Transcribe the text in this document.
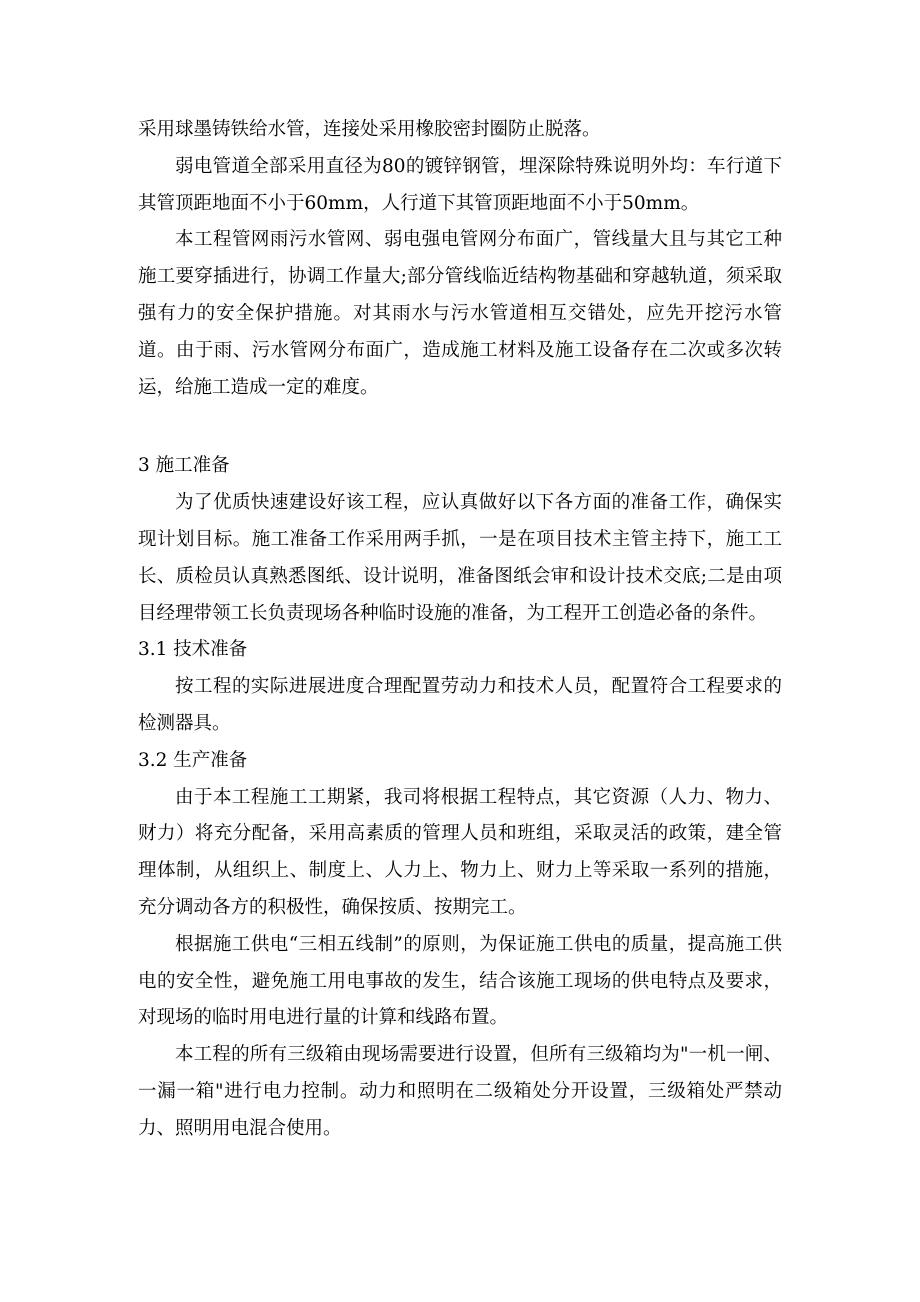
采用球墨铸铁给水管，连接处采用橡胶密封圈防止脱落。

弱电管道全部采用直径为80的镀锌钢管，埋深除特殊说明外均：车行道下其管顶距地面不小于60mm，人行道下其管顶距地面不小于50mm。

本工程管网雨污水管网、弱电强电管网分布面广，管线量大且与其它工种施工要穿插进行，协调工作量大;部分管线临近结构物基础和穿越轨道，须采取强有力的安全保护措施。对其雨水与污水管道相互交错处，应先开挖污水管道。由于雨、污水管网分布面广，造成施工材料及施工设备存在二次或多次转运，给施工造成一定的难度。

3 施工准备

为了优质快速建设好该工程，应认真做好以下各方面的准备工作，确保实现计划目标。施工准备工作采用两手抓，一是在项目技术主管主持下，施工工长、质检员认真熟悉图纸、设计说明，准备图纸会审和设计技术交底;二是由项目经理带领工长负责现场各种临时设施的准备，为工程开工创造必备的条件。

3.1 技术准备

按工程的实际进展进度合理配置劳动力和技术人员，配置符合工程要求的检测器具。

3.2 生产准备

由于本工程施工工期紧，我司将根据工程特点，其它资源（人力、物力、财力）将充分配备，采用高素质的管理人员和班组，采取灵活的政策，建全管理体制，从组织上、制度上、人力上、物力上、财力上等采取一系列的措施，充分调动各方的积极性，确保按质、按期完工。

根据施工供电“三相五线制”的原则，为保证施工供电的质量，提高施工供电的安全性，避免施工用电事故的发生，结合该施工现场的供电特点及要求，对现场的临时用电进行量的计算和线路布置。

本工程的所有三级箱由现场需要进行设置，但所有三级箱均为"一机一闸、一漏一箱"进行电力控制。动力和照明在二级箱处分开设置，三级箱处严禁动力、照明用电混合使用。
